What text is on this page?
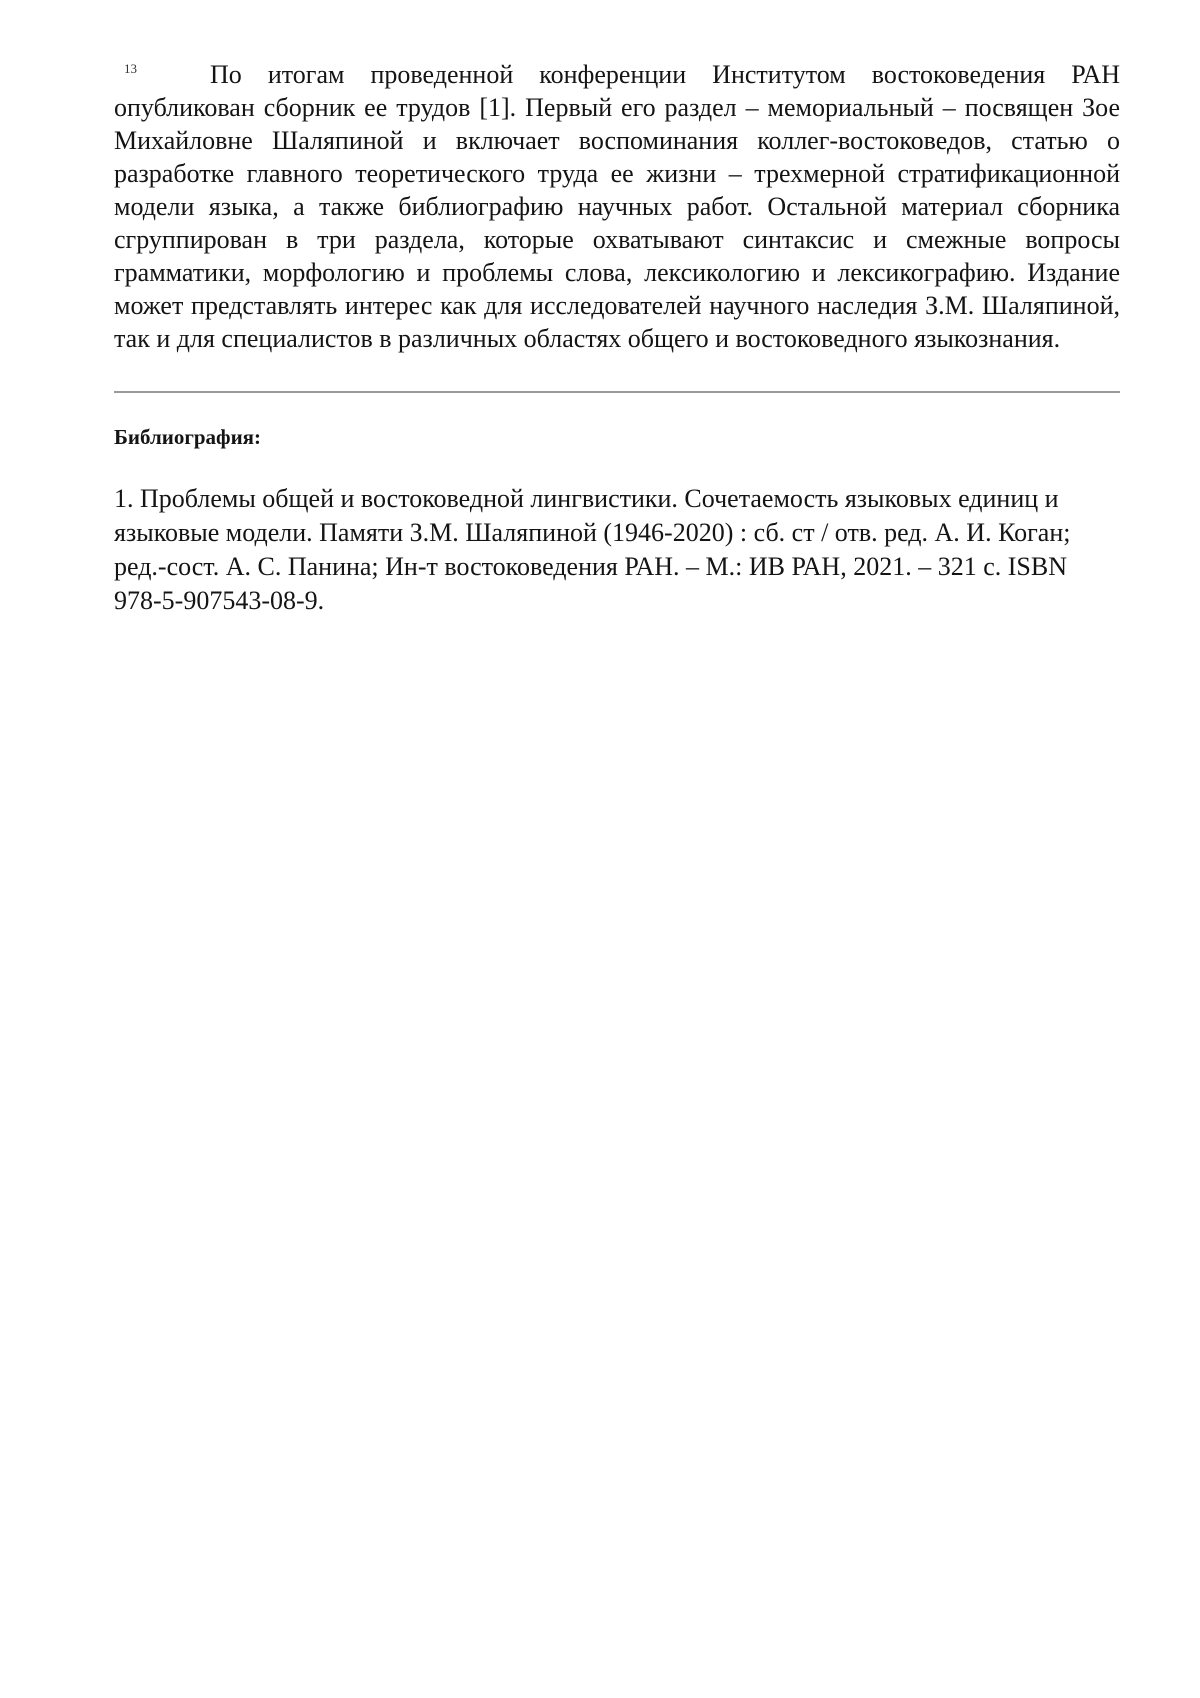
13	По итогам проведенной конференции Институтом востоковедения РАН опубликован сборник ее трудов [1]. Первый его раздел – мемориальный – посвящен Зое Михайловне Шаляпиной и включает воспоминания коллег-востоковедов, статью о разработке главного теоретического труда ее жизни – трехмерной стратификационной модели языка, а также библиографию научных работ. Остальной материал сборника сгруппирован в три раздела, которые охватывают синтаксис и смежные вопросы грамматики, морфологию и проблемы слова, лексикологию и лексикографию. Издание может представлять интерес как для исследователей научного наследия З.М. Шаляпиной, так и для специалистов в различных областях общего и востоковедного языкознания.

Библиография:

1. Проблемы общей и востоковедной лингвистики. Сочетаемость языковых единиц и языковые модели. Памяти З.М. Шаляпиной (1946-2020) : сб. ст / отв. ред. А. И. Коган; ред.-сост. А. С. Панина; Ин-т востоковедения РАН. – М.: ИВ РАН, 2021. – 321 с. ISBN 978-5-907543-08-9.
